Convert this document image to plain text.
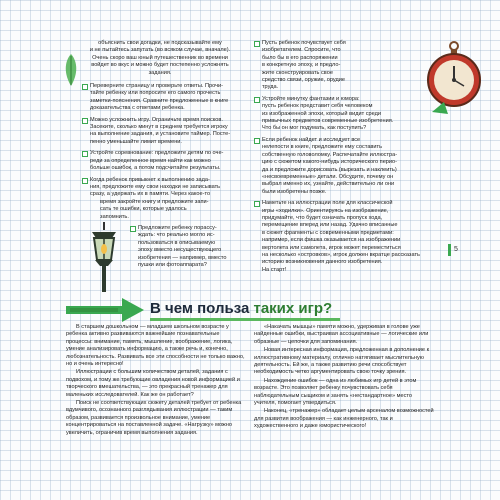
объяснить свои догадки, не подсказывайте ему

и не пытайтесь запутать (во всяком случае, вначале).

Очень скоро ваш юный путешественник во времени

войдет во вкус и можно будет постепенно усложнять

задания.

Переверните страницу и проверьте ответы. Прочи-

тайте ребенку или попросите его самого прочесть

заметки-пояснения. Сравните предложенные в книге

доказательства с ответами ребенка.

Можно усложнить игру. Ограничьте время поисков.

Засеките, сколько минут в среднем требуется игроку

на выполнение задания, и установите таймер. Посте-

пенно уменьшайте лимит времени.

Устройте соревнование: предложите детям по оче-

реди за определенное время найти как можно

больше ошибок, а потом подсчитайте результаты.

Когда ребенок привыкнет к выполнению зада-

ния, предложите ему свои находки не записывать

сразу, а удержать их в памяти. Через какое-то

время закройте книгу и предложите запи-

сать те ошибки, которые удалось

запомнить.

Предложите ребенку порассу-

ждать: что реально могло ис-

пользоваться в описываемую

эпоху вместо несуществующего

изобретения — например, вместо

пушки или фотоаппарата?

Пусть ребенок почувствует себя

изобретателем. Спросите, что

было бы в его распоряжении

в конкретную эпоху, и предло-

жите сконструировать свое

средство связи, оружие, орудие

труда.

Устройте минутку фантазии и юмора:

пусть ребенок представит себя человеком

из изображенной эпохи, который видит среди

привычных предметов современные изобретения.

Что бы он мог подумать, как поступить?

Если ребенок найдет и исследует все

нелепости в книге, предложите ему составить

собственную головоломку. Распечатайте иллюстра-

цию с сюжетом какого-нибудь исторического перио-

да и предложите дорисовать (вырезать и наклеить)

«несвоевременные» детали. Обсудите, почему он

выбрал именно их, узнайте, действительно ли они

были изобретены позже.

Наметьте на иллюстрации поле для классической

игры «ходилки». Ориентируясь на изображение,

придумайте, что будет означать пропуск хода,

перемещение вперед или назад. Удачно вписанные

в сюжет фрагменты с современными предметами:

например, если фишка оказывается на изображении

вертолета или самолета, игрок может переместиться

на несколько «островков», игрок должен вкратце рассказать

историю возникновения данного изобретения.

На старт!

5
В чем польза таких игр?

В старшем дошкольном — младшем школьном возрасте у ребенка активно развиваются важнейшие познавательные процессы: внимание, память, мышление, воображение, логика, умение анализировать информацию, а также речь и, конечно, любознательность. Развивать все эти способности не только важно, но и очень интересно!

Иллюстрации с большим количеством деталей, задания с подвохом, и тому же требующие овладения новой информацией и творческого вмешательства, — это прекрасный тренажер для маленьких исследователей. Как же он работает?

Поиск не соответствующих сюжету деталей требует от ребенка вдумчивого, осознанного разглядывания иллюстрации — таким образом, развивается произвольное внимание, умение концентрироваться на поставленной задаче. «Нагрузку» можно увеличить, ограничив время выполнения задания.

«Накачать мышцы» памяти можно, удерживая в голове уже найденные ошибки, выстраивая ассоциативные — логические или образные — цепочки для запоминания.

Новая интересная информация, предложенная в дополнение к иллюстративному материалу, отлично натягивает мыслительную деятельность. Ей же, а также развитию речи способствует необходимость четко аргументировать свою точку зрения.

Нахождение ошибок — одна из любимых игр детей в этом возрасте. Это позволяет ребенку почувствовать себя наблюдательным сыщиком и занять «нестандартное» место учителя, помогает утвердиться.

Наконец, «тренажер» обладает целым арсеналом возможностей для развития воображения — как инженерного, так и художественного и даже юмористического!
